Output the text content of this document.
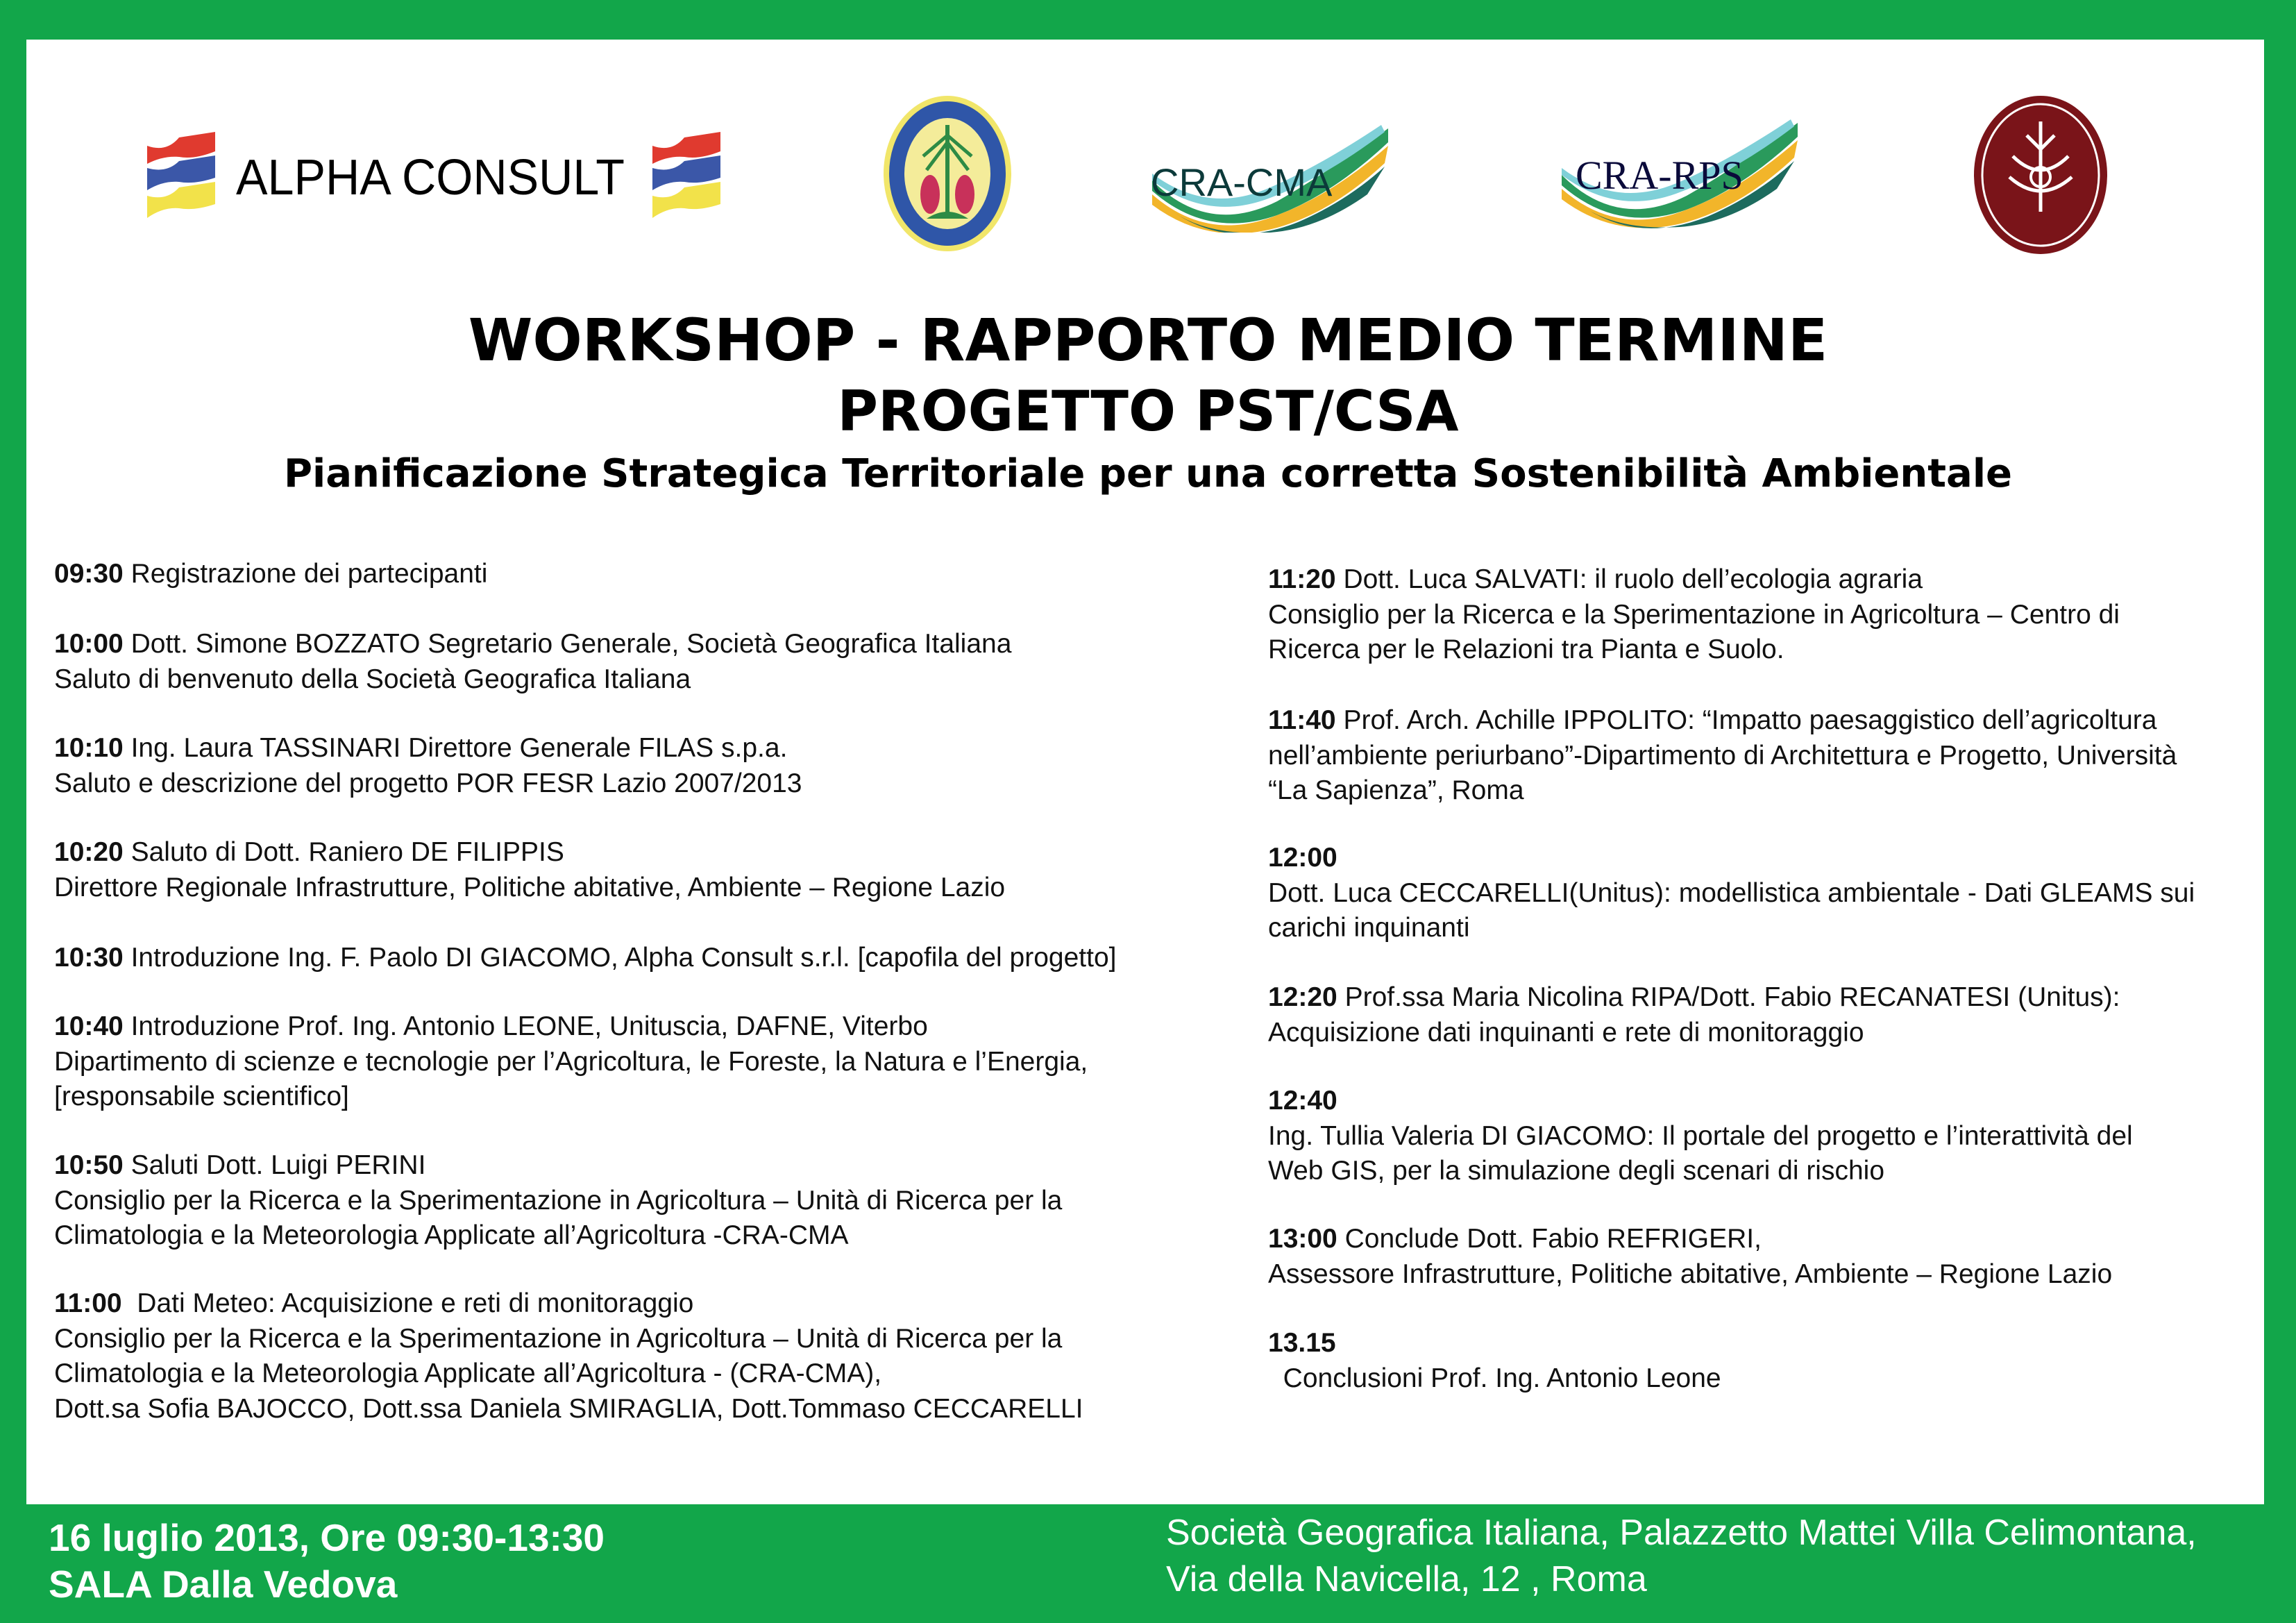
ALPHA CONSULT	CRA-CMA	CRA-RPS
WORKSHOP - RAPPORTO MEDIO TERMINE
PROGETTO PST/CSA
Pianificazione Strategica Territoriale per una corretta Sostenibilità Ambientale
09:30 Registrazione dei partecipanti
10:00 Dott. Simone BOZZATO Segretario Generale, Società Geografica Italiana
Saluto di benvenuto della Società Geografica Italiana
10:10 Ing. Laura TASSINARI Direttore Generale FILAS s.p.a.
Saluto e descrizione del progetto POR FESR Lazio 2007/2013
10:20 Saluto di Dott. Raniero DE FILIPPIS
Direttore Regionale Infrastrutture, Politiche abitative, Ambiente – Regione Lazio
10:30 Introduzione Ing. F. Paolo DI GIACOMO, Alpha Consult s.r.l. [capofila del progetto]
10:40 Introduzione Prof. Ing. Antonio LEONE, Unituscia, DAFNE, Viterbo
Dipartimento di scienze e tecnologie per l’Agricoltura, le Foreste, la Natura e l’Energia,
[responsabile scientifico]
10:50 Saluti Dott. Luigi PERINI
Consiglio per la Ricerca e la Sperimentazione in Agricoltura – Unità di Ricerca per la
Climatologia e la Meteorologia Applicate all’Agricoltura -CRA-CMA
11:00  Dati Meteo: Acquisizione e reti di monitoraggio
Consiglio per la Ricerca e la Sperimentazione in Agricoltura – Unità di Ricerca per la
Climatologia e la Meteorologia Applicate all’Agricoltura - (CRA-CMA),
Dott.sa Sofia BAJOCCO, Dott.ssa Daniela SMIRAGLIA, Dott.Tommaso CECCARELLI
11:20 Dott. Luca SALVATI: il ruolo dell’ecologia agraria
Consiglio per la Ricerca e la Sperimentazione in Agricoltura – Centro di
Ricerca per le Relazioni tra Pianta e Suolo.
11:40 Prof. Arch. Achille IPPOLITO: “Impatto paesaggistico dell’agricoltura
nell’ambiente periurbano”-Dipartimento di Architettura e Progetto, Università
“La Sapienza”, Roma
12:00
Dott. Luca CECCARELLI(Unitus): modellistica ambientale - Dati GLEAMS sui
carichi inquinanti
12:20 Prof.ssa Maria Nicolina RIPA/Dott. Fabio RECANATESI (Unitus):
Acquisizione dati inquinanti e rete di monitoraggio
12:40
Ing. Tullia Valeria DI GIACOMO: Il portale del progetto e l’interattività del
Web GIS, per la simulazione degli scenari di rischio
13:00 Conclude Dott. Fabio REFRIGERI,
Assessore Infrastrutture, Politiche abitative, Ambiente – Regione Lazio
13.15
Conclusioni Prof. Ing. Antonio Leone
16 luglio 2013, Ore 09:30-13:30
SALA Dalla Vedova
Società Geografica Italiana, Palazzetto Mattei Villa Celimontana,
Via della Navicella, 12 , Roma
